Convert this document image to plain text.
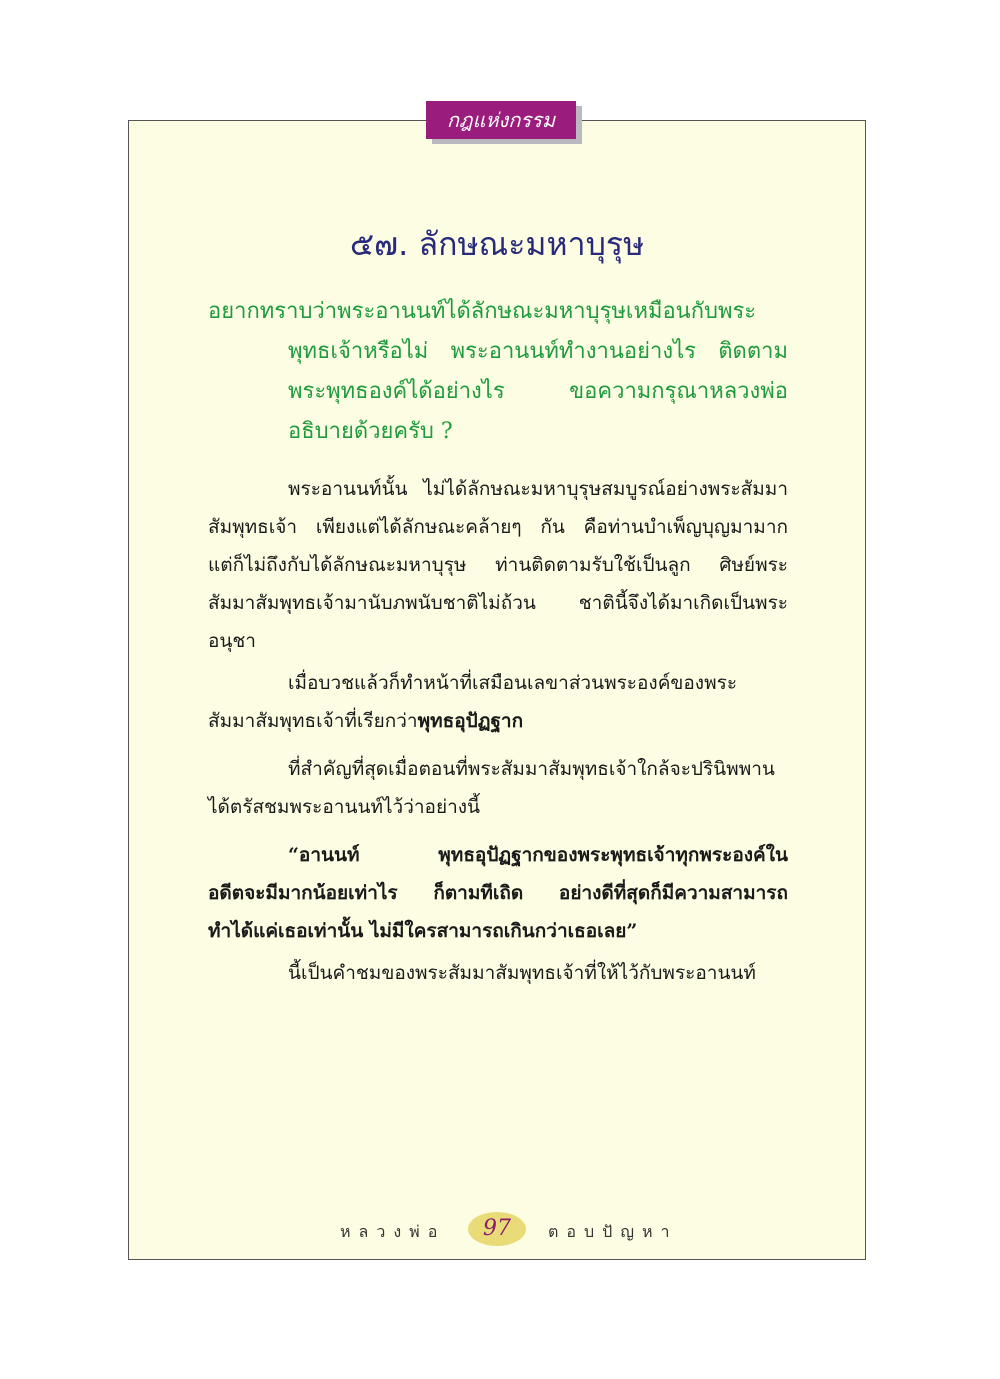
กฎแห่งกรรม
๕๗. ลักษณะมหาบุรุษ
อยากทราบว่าพระอานนท์ได้ลักษณะมหาบุรุษเหมือนกับพระ
พุทธเจ้าหรือไม่ พระอานนท์ทำงานอย่างไร ติดตาม
พระพุทธองค์ได้อย่างไร ขอความกรุณาหลวงพ่อ
อธิบายด้วยครับ ?
พระอานนท์นั้น ไม่ได้ลักษณะมหาบุรุษสมบูรณ์อย่างพระสัมมา
สัมพุทธเจ้า เพียงแต่ได้ลักษณะคล้ายๆ กัน คือท่านบำเพ็ญบุญมามาก
แต่ก็ไม่ถึงกับได้ลักษณะมหาบุรุษ ท่านติดตามรับใช้เป็นลูก ศิษย์พระ
สัมมาสัมพุทธเจ้ามานับภพนับชาติไม่ถ้วน ชาตินี้จึงได้มาเกิดเป็นพระ
อนุชา
เมื่อบวชแล้วก็ทำหน้าที่เสมือนเลขาส่วนพระองค์ของพระ
สัมมาสัมพุทธเจ้าที่เรียกว่าพุทธอุปัฏฐาก
ที่สำคัญที่สุดเมื่อตอนที่พระสัมมาสัมพุทธเจ้าใกล้จะปรินิพพาน
ได้ตรัสชมพระอานนท์ไว้ว่าอย่างนี้
“อานนท์ พุทธอุปัฏฐากของพระพุทธเจ้าทุกพระองค์ใน
อดีตจะมีมากน้อยเท่าไร ก็ตามทีเถิด อย่างดีที่สุดก็มีความสามารถ
ทำได้แค่เธอเท่านั้น ไม่มีใครสามารถเกินกว่าเธอเลย”
นี้เป็นคำชมของพระสัมมาสัมพุทธเจ้าที่ให้ไว้กับพระอานนท์
หลวงพ่อ	97	ตอบปัญหา
